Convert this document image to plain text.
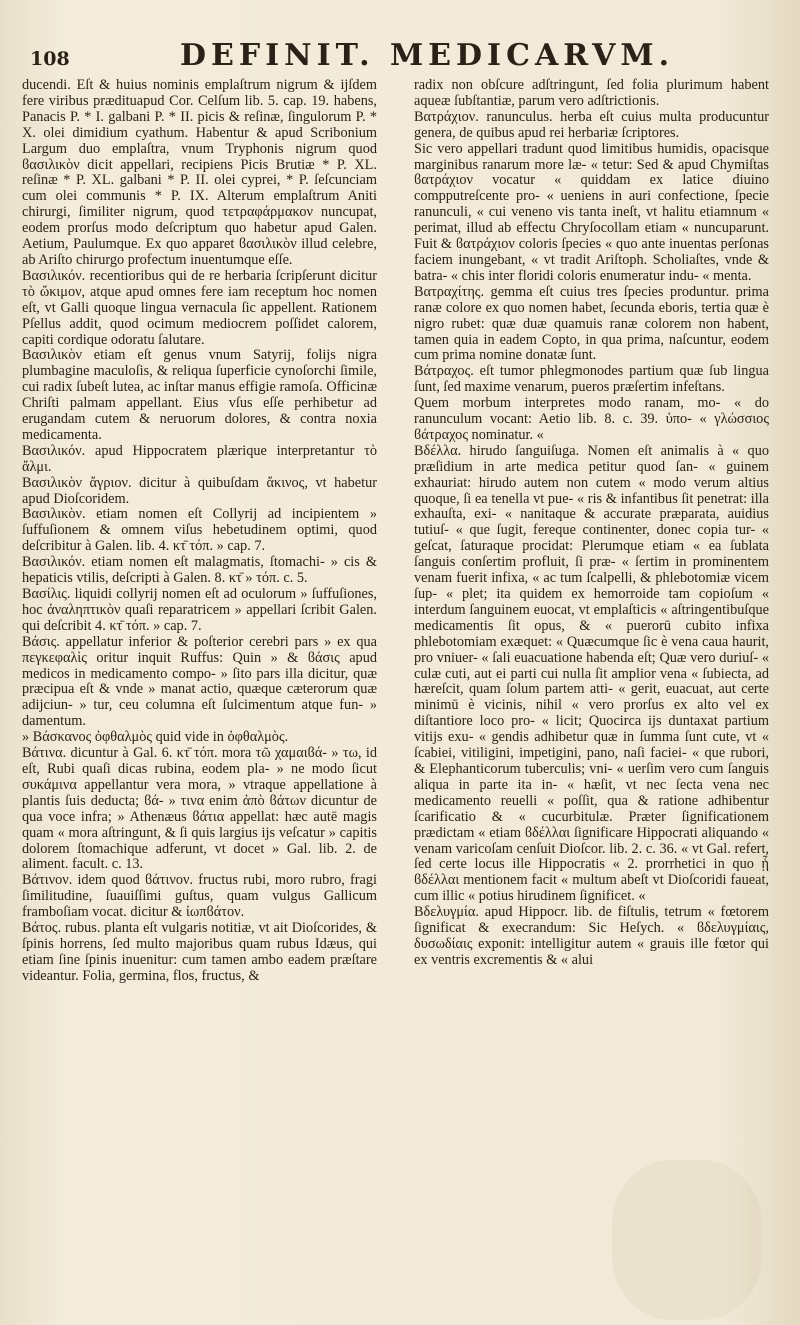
108	DEFINIT. MEDICARVM.

ducendi. Eſt & huius nominis emplaſtrum nigrum & ijſdem fere viribus prædituapud Cor. Celſum lib. 5. cap. 19. habens, Panacis P. * I. galbani P. * II. picis & reſinæ, ſingulorum P. * X. olei dimidium cyathum. Habentur & apud Scribonium Largum duo emplaſtra, vnum Tryphonis nigrum quod ϐασιλικὸν dicit appellari, recipiens Picis Brutiæ * P. XL. reſinæ * P. XL. galbani * P. II. olei cyprei, * P. ſeſcunciam cum olei communis * P. IX. Alterum emplaſtrum Aniti chirurgi, ſimiliter nigrum, quod τετραφάρμακον nuncupat, eodem prorſus modo deſcriptum quo habetur apud Galen. Aetium, Paulumque. Ex quo apparet ϐασιλικὸν illud celebre, ab Ariſto chirurgo profectum inuentumque eſſe.

Βασιλικόν. recentioribus qui de re herbaria ſcripſerunt dicitur τὸ ὤκιμον, atque apud omnes fere iam receptum hoc nomen eſt, vt Galli quoque lingua vernacula ſic appellent. Rationem Pſellus addit, quod ocimum mediocrem poſſidet calorem, capiti cordique odoratu ſalutare.

Βασιλικὸν etiam eſt genus vnum Satyrij, folijs nigra plumbagine maculoſis, & reliqua ſuperficie cynoſorchi ſimile, cui radix ſubeſt lutea, ac inſtar manus effigie ramoſa. Officinæ Chriſti palmam appellant. Eius vſus eſſe perhibetur ad erugandam cutem & neruorum dolores, & contra noxia medicamenta.

Βασιλικόν. apud Hippocratem plærique interpretantur τὸ ἄλμι.

Βασιλικὸν ἄγριον. dicitur à quibuſdam ἄκινος, vt habetur apud Dioſcoridem.

Βασιλικὸν. etiam nomen eſt Collyrij ad incipientem » ſuffuſionem & omnem viſus hebetudinem optimi, quod deſcribitur à Galen. lib. 4. κτ̄ τόπ. » cap. 7.

Βασιλικόν. etiam nomen eſt malagmatis, ſtomachi- » cis & hepaticis vtilis, deſcripti à Galen. 8. κτ̄ » τόπ. c. 5.

Βασίλις. liquidi collyrij nomen eſt ad oculorum » ſuffuſiones, hoc ἀναληπτικὸν quaſi reparatricem » appellari ſcribit Galen. qui deſcribit 4. κτ̄ τόπ. » cap. 7.

Βάσις. appellatur inferior & poſterior cerebri pars » ex qua πεγκεφαλὶς oritur inquit Ruffus: Quin » & ϐάσις apud medicos in medicamento compo- » ſito pars illa dicitur, quæ præcipua eſt & vnde » manat actio, quæque cæterorum quæ adijciun- » tur, ceu columna eſt ſulcimentum atque fun- » damentum.

» Βάσκανος ὀφθαλμὸς quid vide in ὀφθαλμὸς.

Βάτινα. dicuntur à Gal. 6. κτ̄ τόπ. mora τῶ χαμαιϐά- » τω, id eſt, Rubi quaſi dicas rubina, eodem pla- » ne modo ſicut συκάμινα appellantur vera mora, » vtraque appellatione à plantis ſuis deducta; ϐά- » τινα enim ἀπὸ ϐάτων dicuntur de qua voce infra; » Athenæus ϐάτια appellat: hæc autē magis quam « mora aſtringunt, & ſi quis largius ijs veſcatur » capitis dolorem ſtomachique adferunt, vt docet » Gal. lib. 2. de aliment. facult. c. 13.

Βάτινον. idem quod ϐάτινον. fructus rubi, moro rubro, fragi ſimilitudine, ſuauiſſimi guſtus, quam vulgus Gallicum framboſiam vocat. dicitur & ἰωπϐάτον.

Βάτος. rubus. planta eſt vulgaris notitiæ, vt ait Dioſcorides, & ſpinis horrens, ſed multo majoribus quam rubus Idæus, qui etiam ſine ſpinis inuenitur: cum tamen ambo eadem præſtare videantur. Folia, germina, flos, fructus, &

radix non obſcure adſtringunt, ſed folia plurimum habent aqueæ ſubſtantiæ, parum vero adſtrictionis.

Βατράχιον. ranunculus. herba eſt cuius multa producuntur genera, de quibus apud rei herbariæ ſcriptores.

Sic vero appellari tradunt quod limitibus humidis, opacisque marginibus ranarum more læ- « tetur: Sed & apud Chymiſtas ϐατράχιον vocatur « quiddam ex latice diuino compputreſcente pro- « ueniens in auri confectione, ſpecie ranunculi, « cui veneno vis tanta ineſt, vt halitu etiamnum « perimat, illud ab effectu Chryſocollam etiam « nuncuparunt. Fuit & ϐατράχιον coloris ſpecies « quo ante inuentas perſonas faciem inungebant, « vt tradit Ariſtoph. Scholiaſtes, vnde & batra- « chis inter floridi coloris enumeratur indu- « menta.

Βατραχίτης. gemma eſt cuius tres ſpecies produntur. prima ranæ colore ex quo nomen habet, ſecunda eboris, tertia quæ è nigro rubet: quæ duæ quamuis ranæ colorem non habent, tamen quia in eadem Copto, in qua prima, naſcuntur, eodem cum prima nomine donatæ ſunt.

Βάτραχος. eſt tumor phlegmonodes partium quæ ſub lingua ſunt, ſed maxime venarum, pueros præſertim infeſtans.

Quem morbum interpretes modo ranam, mo- « do ranunculum vocant: Aetio lib. 8. c. 39. ὑπο- « γλώσσιος ϐάτραχος nominatur. «

Βδέλλα. hirudo ſanguiſuga. Nomen eſt animalis à « quo præſidium in arte medica petitur quod ſan- « guinem exhauriat: hirudo autem non cutem « modo verum altius quoque, ſi ea tenella vt pue- « ris & infantibus ſit penetrat: illa exhauſta, exi- « nanitaque & accurate præparata, auidius tutiuſ- « que ſugit, fereque continenter, donec copia tur- « geſcat, ſaturaque procidat: Plerumque etiam « ea ſublata ſanguis conſertim profluit, ſi præ- « ſertim in prominentem venam fuerit infixa, « ac tum ſcalpelli, & phlebotomiæ vicem ſup- « plet; ita quidem ex hemorroide tam copioſum « interdum ſanguinem euocat, vt emplaſticis « aſtringentibuſque medicamentis ſit opus, & « puerorū cubito infixa phlebotomiam exæquet: « Quæcumque ſic è vena caua haurit, pro vniuer- « ſali euacuatione habenda eſt; Quæ vero duriuſ- « culæ cuti, aut ei parti cui nulla ſit amplior vena « ſubiecta, ad hæreſcit, quam ſolum partem atti- « gerit, euacuat, aut certe minimū è vicinis, nihil « vero prorſus ex alto vel ex diſtantiore loco pro- « licit; Quocirca ijs duntaxat partium vitijs exu- « gendis adhibetur quæ in ſumma ſunt cute, vt « ſcabiei, vitiligini, impetigini, pano, naſi faciei- « que rubori, & Elephanticorum tuberculis; vni- « uerſim vero cum ſanguis aliqua in parte ita in- « hæſit, vt nec ſecta vena nec medicamento reuelli « poſſit, qua & ratione adhibentur ſcarificatio & « cucurbitulæ. Præter ſignificationem prædictam « etiam ϐδέλλαι ſignificare Hippocrati aliquando « venam varicoſam cenſuit Dioſcor. lib. 2. c. 36. « vt Gal. refert, ſed certe locus ille Hippocratis « 2. prorrhetici in quo ᾗ ϐδέλλαι mentionem facit « multum abeſt vt Dioſcoridi faueat, cum illic « potius hirudinem ſignificet. «

Βδελυγμία. apud Hippocr. lib. de fiſtulis, tetrum « fœtorem ſignificat & execrandum: Sic Heſych. « ϐδελυγμίαις, δυσωδίαις exponit: intelligitur autem « grauis ille fœtor qui ex ventris excrementis & « alui
